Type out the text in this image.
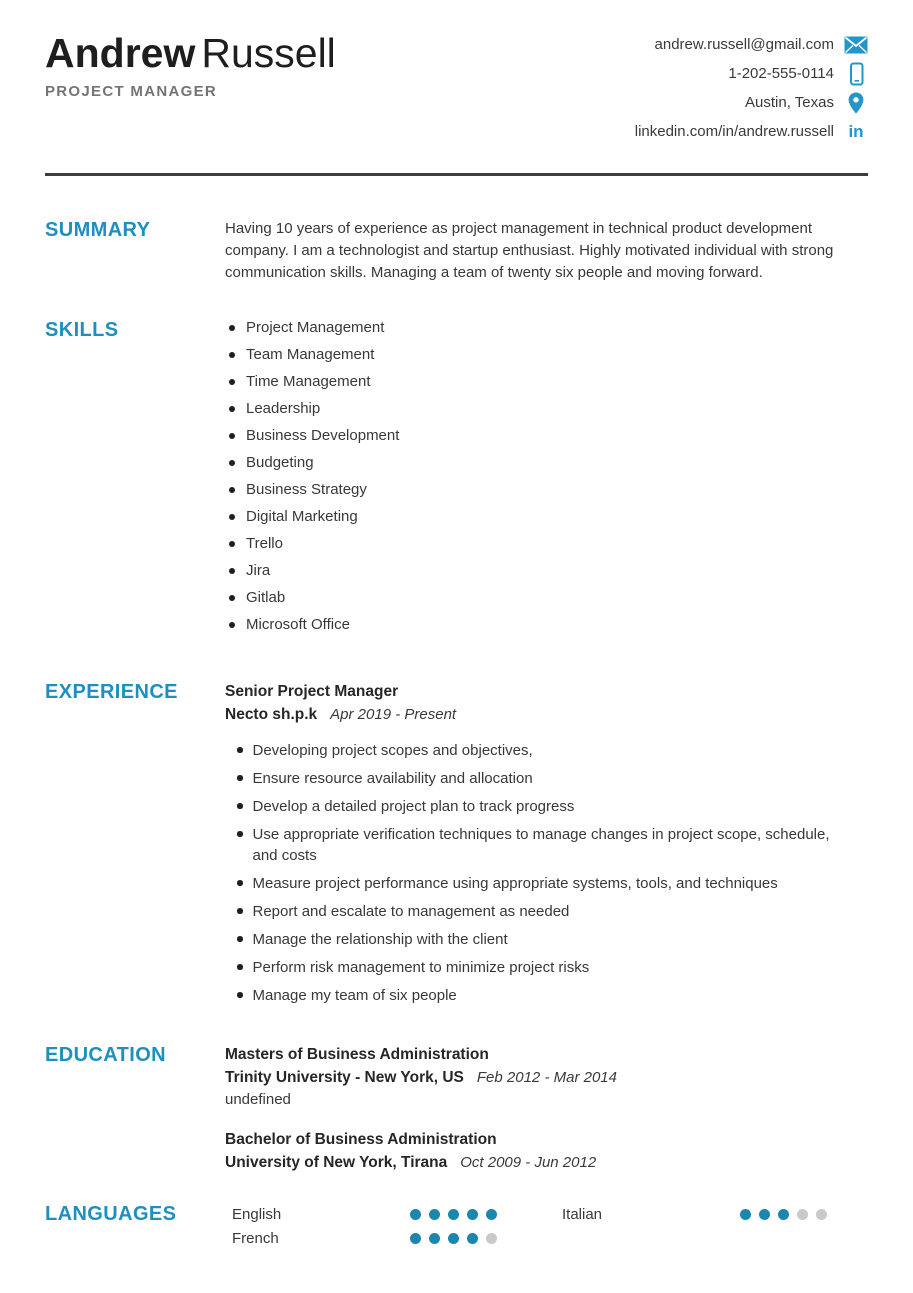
Andrew Russell
PROJECT MANAGER
andrew.russell@gmail.com
1-202-555-0114
Austin, Texas
linkedin.com/in/andrew.russell in
SUMMARY	Having 10 years of experience as project management in technical product development company. I am a technologist and startup enthusiast. Highly motivated individual with strong communication skills. Managing a team of twenty six people and moving forward.

SKILLS	Project Management
Team Management
Time Management
Leadership
Business Development
Budgeting
Business Strategy
Digital Marketing
Trello
Jira
Gitlab
Microsoft Office
EXPERIENCE	Senior Project Manager
Necto sh.p.k Apr 2019 - Present
Developing project scopes and objectives,
Ensure resource availability and allocation
Develop a detailed project plan to track progress
Use appropriate verification techniques to manage changes in project scope, schedule, and costs
Measure project performance using appropriate systems, tools, and techniques
Report and escalate to management as needed
Manage the relationship with the client
Perform risk management to minimize project risks
Manage my team of six people
EDUCATION	Masters of Business Administration
Trinity University - New York, US Feb 2012 - Mar 2014
undefined
Bachelor of Business Administration
University of New York, Tirana Oct 2009 - Jun 2012
LANGUAGES	English
French
Italian
